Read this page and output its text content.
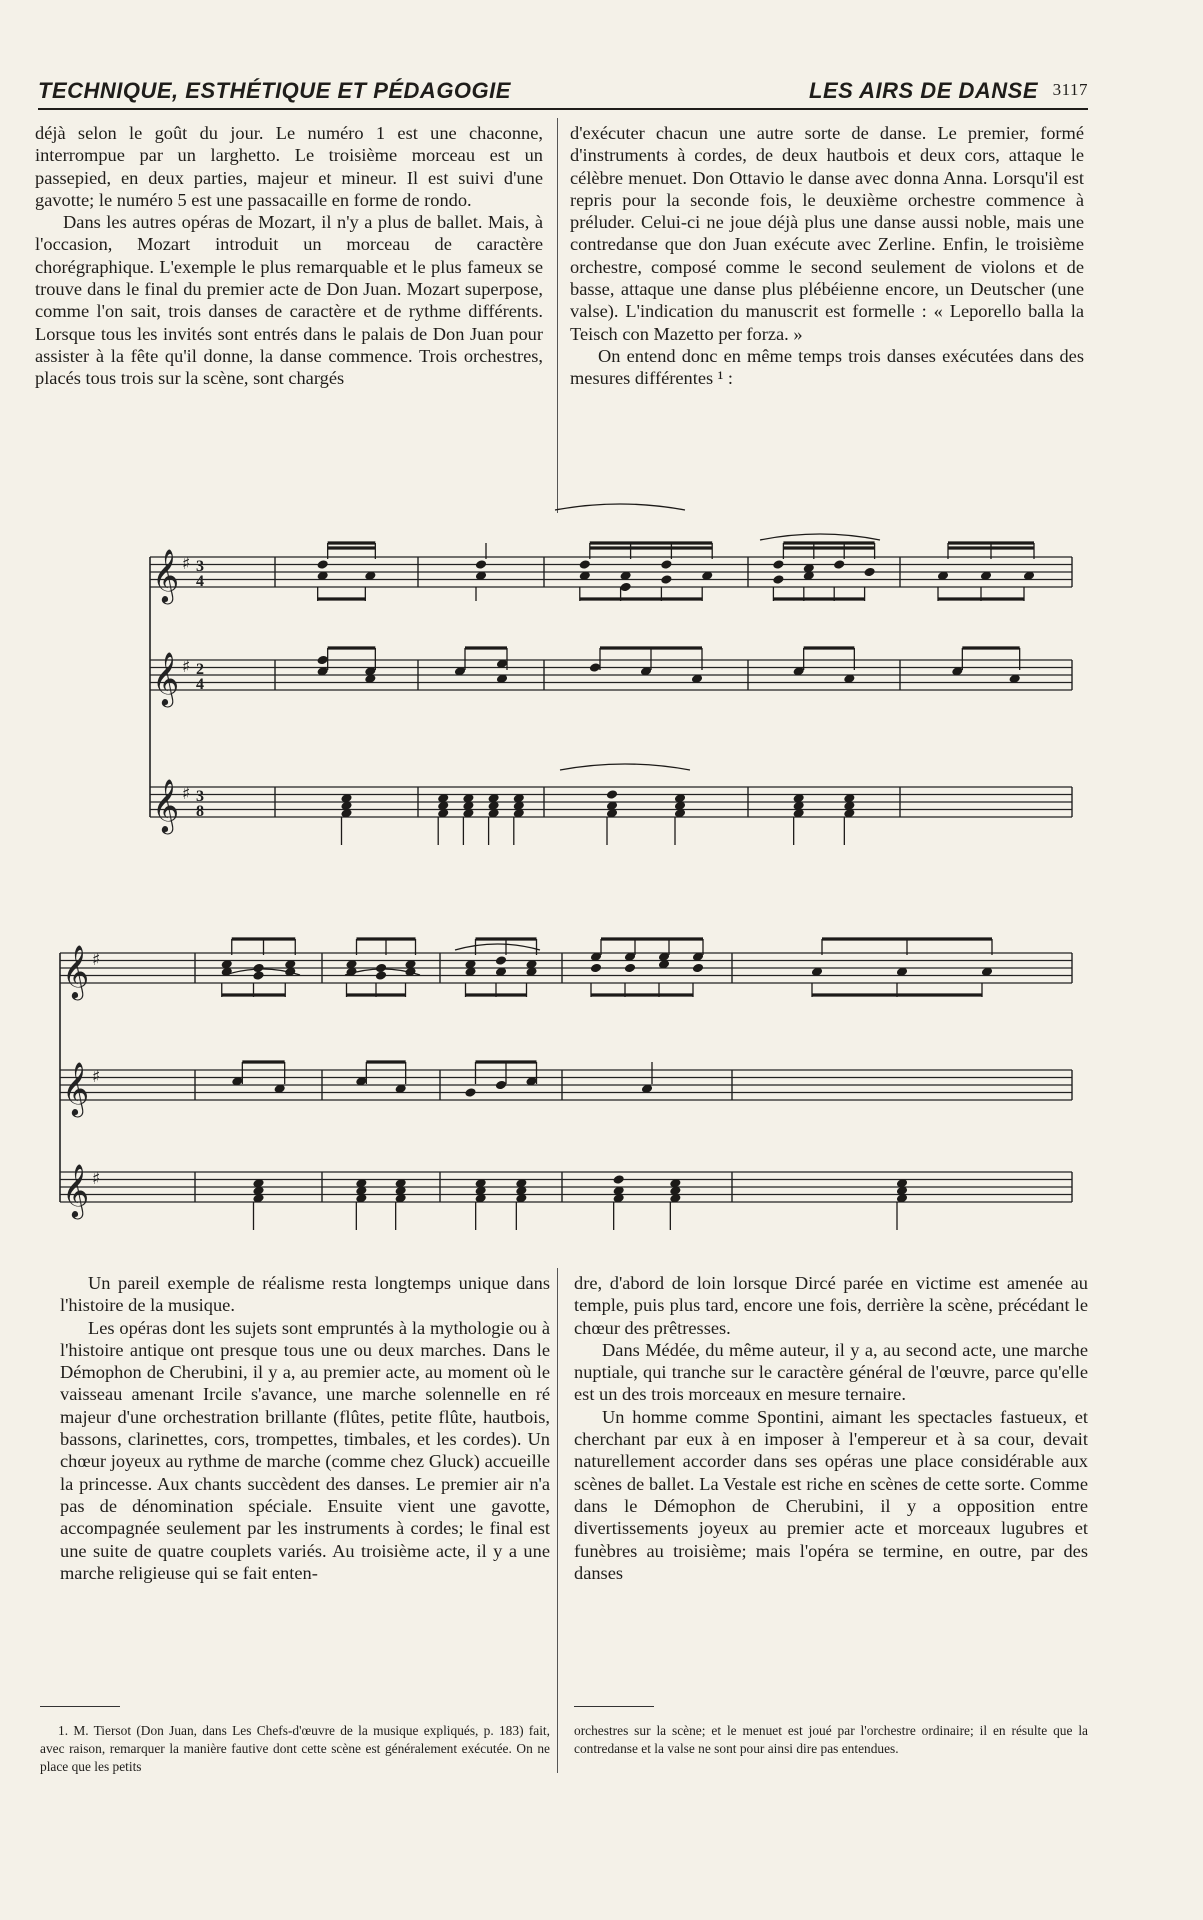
TECHNIQUE, ESTHÉTIQUE ET PÉDAGOGIE	LES AIRS DE DANSE 3117

déjà selon le goût du jour. Le numéro 1 est une chaconne, interrompue par un larghetto. Le troisième morceau est un passepied, en deux parties, majeur et mineur. Il est suivi d'une gavotte; le numéro 5 est une passacaille en forme de rondo.

Dans les autres opéras de Mozart, il n'y a plus de ballet. Mais, à l'occasion, Mozart introduit un morceau de caractère chorégraphique. L'exemple le plus remarquable et le plus fameux se trouve dans le final du premier acte de Don Juan. Mozart superpose, comme l'on sait, trois danses de caractère et de rythme différents. Lorsque tous les invités sont entrés dans le palais de Don Juan pour assister à la fête qu'il donne, la danse commence. Trois orchestres, placés tous trois sur la scène, sont chargés

d'exécuter chacun une autre sorte de danse. Le premier, formé d'instruments à cordes, de deux hautbois et deux cors, attaque le célèbre menuet. Don Ottavio le danse avec donna Anna. Lorsqu'il est repris pour la seconde fois, le deuxième orchestre commence à préluder. Celui-ci ne joue déjà plus une danse aussi noble, mais une contredanse que don Juan exécute avec Zerline. Enfin, le troisième orchestre, composé comme le second seulement de violons et de basse, attaque une danse plus plébéienne encore, un Deutscher (une valse). L'indication du manuscrit est formelle : « Leporello balla la Teisch con Mazetto per forza. »

On entend donc en même temps trois danses exécutées dans des mesures différentes ¹ :

𝄞 ♯ 3
4
𝄞 ♯ 2
4
𝄞 ♯ 3
8
𝄞 ♯
𝄞 ♯
𝄞 ♯

Un pareil exemple de réalisme resta longtemps unique dans l'histoire de la musique.

Les opéras dont les sujets sont empruntés à la mythologie ou à l'histoire antique ont presque tous une ou deux marches. Dans le Démophon de Cherubini, il y a, au premier acte, au moment où le vaisseau amenant Ircile s'avance, une marche solennelle en ré majeur d'une orchestration brillante (flûtes, petite flûte, hautbois, bassons, clarinettes, cors, trompettes, timbales, et les cordes). Un chœur joyeux au rythme de marche (comme chez Gluck) accueille la princesse. Aux chants succèdent des danses. Le premier air n'a pas de dénomination spéciale. Ensuite vient une gavotte, accompagnée seulement par les instruments à cordes; le final est une suite de quatre couplets variés. Au troisième acte, il y a une marche religieuse qui se fait enten-

dre, d'abord de loin lorsque Dircé parée en victime est amenée au temple, puis plus tard, encore une fois, derrière la scène, précédant le chœur des prêtresses.

Dans Médée, du même auteur, il y a, au second acte, une marche nuptiale, qui tranche sur le caractère général de l'œuvre, parce qu'elle est un des trois morceaux en mesure ternaire.

Un homme comme Spontini, aimant les spectacles fastueux, et cherchant par eux à en imposer à l'empereur et à sa cour, devait naturellement accorder dans ses opéras une place considérable aux scènes de ballet. La Vestale est riche en scènes de cette sorte. Comme dans le Démophon de Cherubini, il y a opposition entre divertissements joyeux au premier acte et morceaux lugubres et funèbres au troisième; mais l'opéra se termine, en outre, par des danses

1. M. Tiersot (Don Juan, dans Les Chefs-d'œuvre de la musique expliqués, p. 183) fait, avec raison, remarquer la manière fautive dont cette scène est généralement exécutée. On ne place que les petits

orchestres sur la scène; et le menuet est joué par l'orchestre ordinaire; il en résulte que la contredanse et la valse ne sont pour ainsi dire pas entendues.
